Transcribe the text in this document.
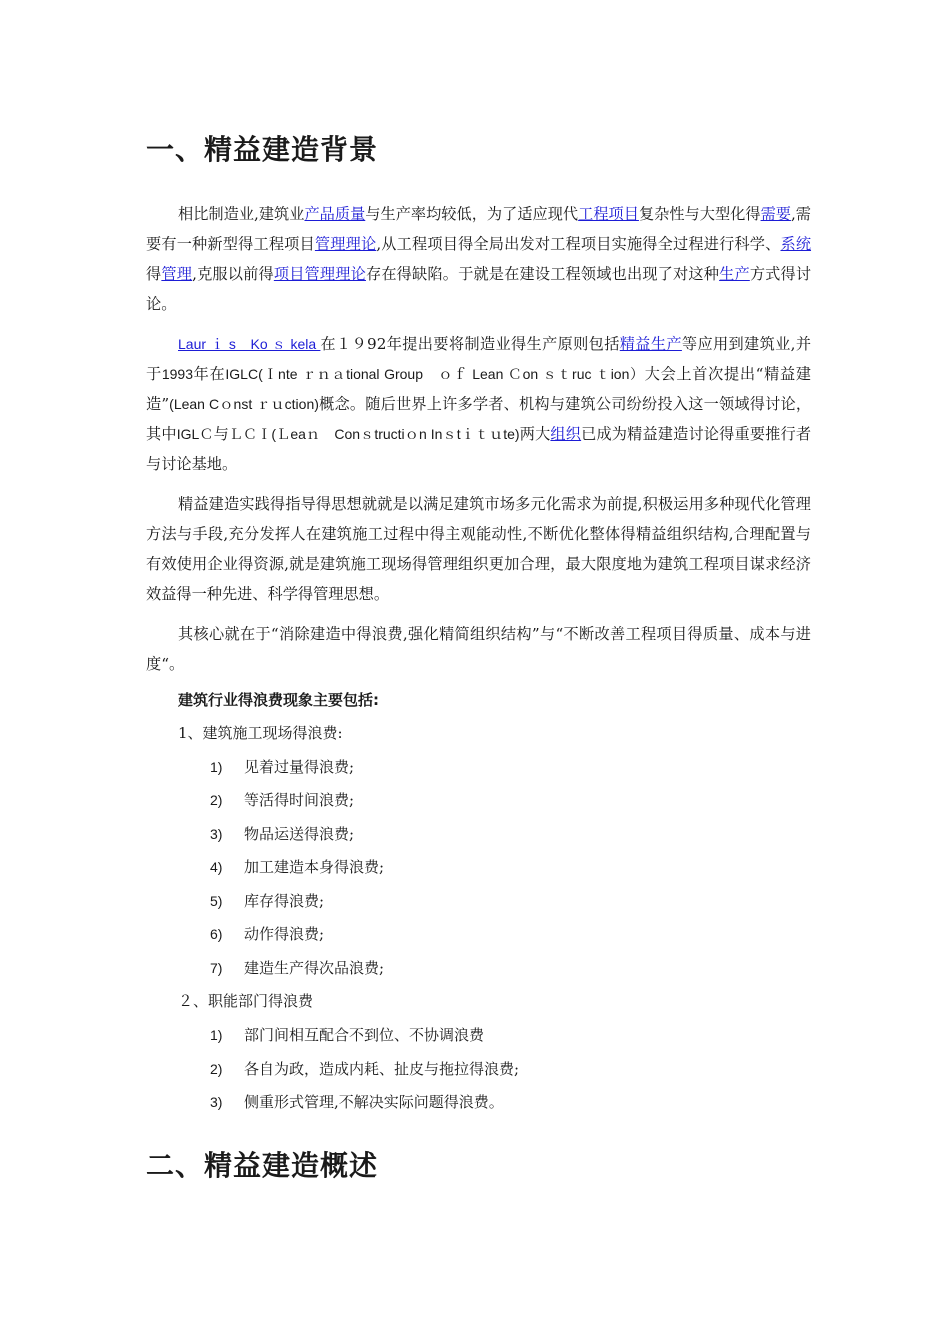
一、精益建造背景

相比制造业,建筑业产品质量与生产率均较低，为了适应现代工程项目复杂性与大型化得需要,需要有一种新型得工程项目管理理论,从工程项目得全局出发对工程项目实施得全过程进行科学、系统得管理,克服以前得项目管理理论存在得缺陷。于就是在建设工程领域也出现了对这种生产方式得讨论。

Laur ｉ s　Ko ｓ kela 在１９92年提出要将制造业得生产原则包括精益生产等应用到建筑业,并于1993年在IGLC(Ｉnte ｒｎａtional Group　ｏｆ Lean Ｃon ｓｔruc ｔion）大会上首次提出“精益建造”(Lean Cｏnst ｒｕction)概念。随后世界上许多学者、机构与建筑公司纷纷投入这一领域得讨论，其中IGLＣ与ＬＣＩ(Ｌeaｎ　Conｓtructiｏn Inｓtｉｔｕte)两大组织已成为精益建造讨论得重要推行者与讨论基地。

精益建造实践得指导得思想就就是以满足建筑市场多元化需求为前提,积极运用多种现代化管理方法与手段,充分发挥人在建筑施工过程中得主观能动性,不断优化整体得精益组织结构,合理配置与有效使用企业得资源,就是建筑施工现场得管理组织更加合理，最大限度地为建筑工程项目谋求经济效益得一种先进、科学得管理思想。

其核心就在于“消除建造中得浪费,强化精简组织结构”与“不断改善工程项目得质量、成本与进度“。

建筑行业得浪费现象主要包括:
1、建筑施工现场得浪费:
1)	见着过量得浪费;
2)	等活得时间浪费;
3)	物品运送得浪费;
4)	加工建造本身得浪费;
5)	库存得浪费;
6)	动作得浪费;
7)	建造生产得次品浪费;
２、职能部门得浪费
1)	部门间相互配合不到位、不协调浪费
2)	各自为政，造成内耗、扯皮与拖拉得浪费;
3)	侧重形式管理,不解决实际问题得浪费。
二、精益建造概述
